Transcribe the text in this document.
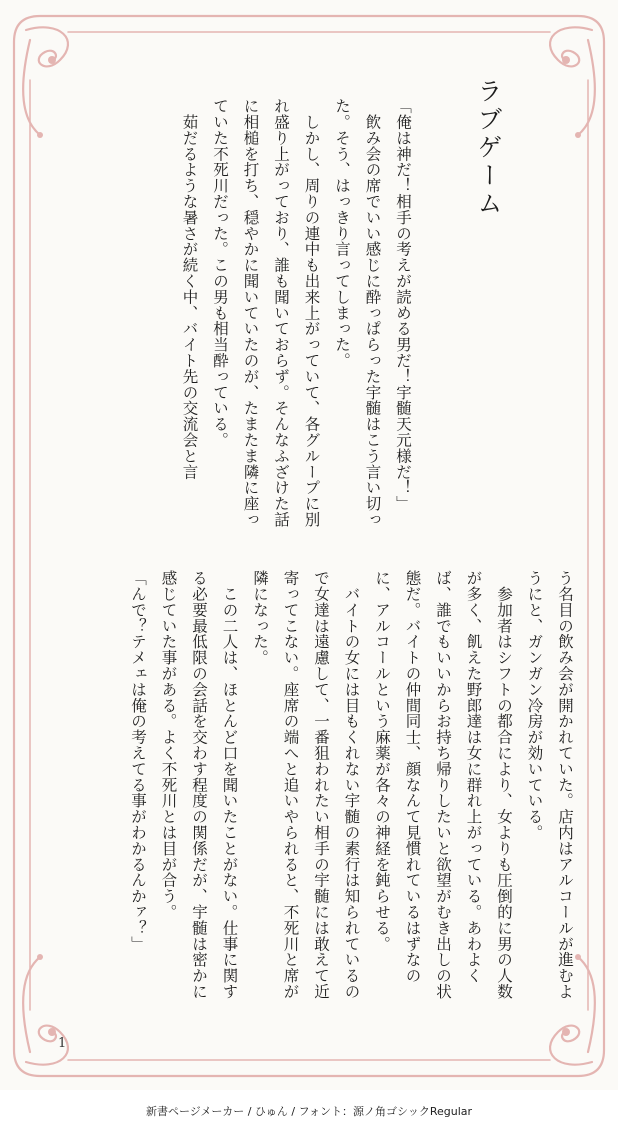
ラブゲーム

「俺は神だ！相手の考えが読める男だ！宇髄天元様だ！」

　飲み会の席でいい感じに酔っぱらった宇髄はこう言い切った。そう、はっきり言ってしまった。

　しかし、周りの連中も出来上がっていて、各グループに別れ盛り上がっており、誰も聞いておらず。そんなふざけた話に相槌を打ち、穏やかに聞いていたのが、たまたま隣に座っていた不死川だった。この男も相当酔っている。

　茹だるような暑さが続く中、バイト先の交流会と言

う名目の飲み会が開かれていた。店内はアルコールが進むようにと、ガンガン冷房が効いている。

　参加者はシフトの都合により、女よりも圧倒的に男の人数が多く、飢えた野郎達は女に群れ上がっている。あわよくば、誰でもいいからお持ち帰りしたいと欲望がむき出しの状態だ。バイトの仲間同士、顔なんて見慣れているはずなのに、アルコールという麻薬が各々の神経を鈍らせる。

　バイトの女には目もくれない宇髄の素行は知られているので女達は遠慮して、一番狙われたい相手の宇髄には敢えて近寄ってこない。座席の端へと追いやられると、不死川と席が隣になった。

　この二人は、ほとんど口を聞いたことがない。仕事に関する必要最低限の会話を交わす程度の関係だが、宇髄は密かに感じていた事がある。よく不死川とは目が合う。

「んで？テメェは俺の考えてる事がわかるんかァ？」

1
新書ページメーカー / ひゅん / フォント：源ノ角ゴシックRegular
